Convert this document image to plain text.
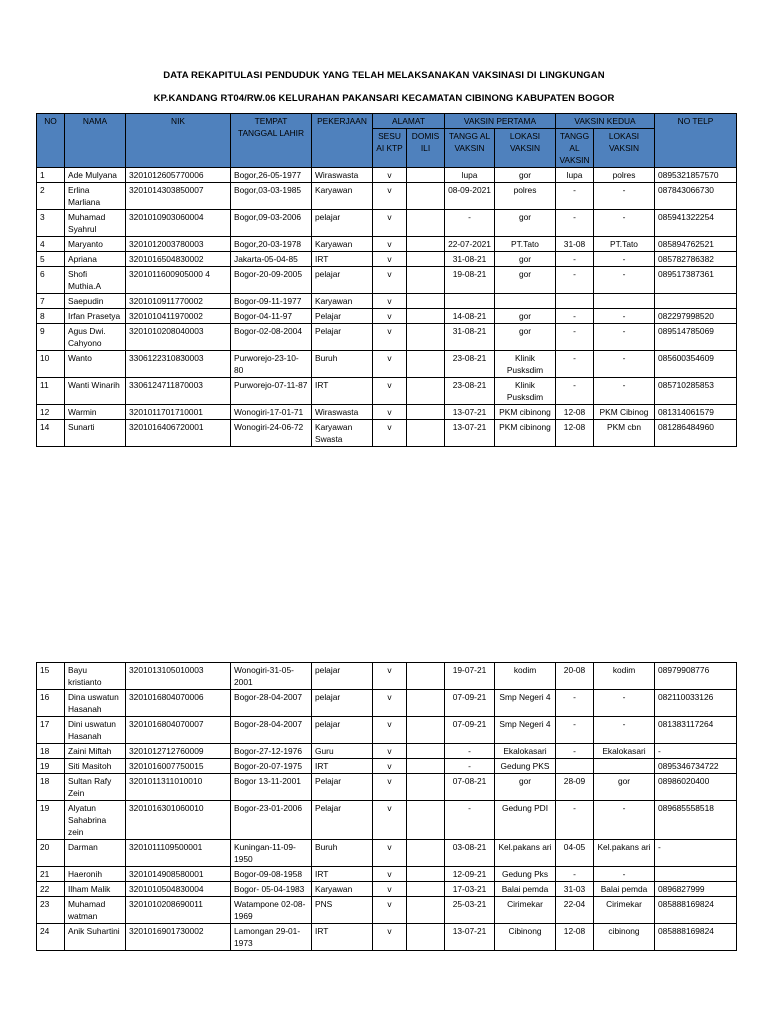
DATA REKAPITULASI PENDUDUK YANG TELAH MELAKSANAKAN VAKSINASI DI LINGKUNGAN
KP.KANDANG RT04/RW.06 KELURAHAN PAKANSARI KECAMATAN CIBINONG KABUPATEN BOGOR
NO	NAMA	NIK	TEMPAT TANGGAL LAHIR	PEKERJAAN	ALAMAT		VAKSIN PERTAMA		VAKSIN KEDUA		NO TELP
					SESU AI KTP	DOMIS ILI	TANGG AL VAKSIN	LOKASI VAKSIN	TANGG AL VAKSIN	LOKASI VAKSIN	
1	Ade Mulyana	3201012605770006	Bogor,26-05-1977	Wiraswasta	v		lupa	gor	lupa	polres	0895321857570
2	Erlina Marliana	3201014303850007	Bogor,03-03-1985	Karyawan	v		08-09-2021	polres	-	-	087843066730
3	Muhamad Syahrul	3201010903060004	Bogor,09-03-2006	pelajar	v		-	gor	-	-	085941322254
4	Maryanto	3201012003780003	Bogor,20-03-1978	Karyawan	v		22-07-2021	PT.Tato	31-08	PT.Tato	085894762521
5	Apriana	3201016504830002	Jakarta-05-04-85	IRT	v		31-08-21	gor	-	-	085782786382
6	Shofi Muthia.A	3201011600905000 4	Bogor-20-09-2005	pelajar	v		19-08-21	gor	-	-	089517387361
7	Saepudin	3201010911770002	Bogor-09-11-1977	Karyawan	v						
8	Irfan Prasetya	3201010411970002	Bogor-04-11-97	Pelajar	v		14-08-21	gor	-	-	082297998520
9	Agus Dwi. Cahyono	3201010208040003	Bogor-02-08-2004	Pelajar	v		31-08-21	gor	-	-	089514785069
10	Wanto	3306122310830003	Purworejo-23-10-80	Buruh	v		23-08-21	Klinik Pusksdim	-	-	085600354609
11	Wanti Winarih	3306124711870003	Purworejo-07-11-87	IRT	v		23-08-21	Klinik Pusksdim	-	-	085710285853
12	Warmin	3201011701710001	Wonogiri-17-01-71	Wiraswasta	v		13-07-21	PKM cibinong	12-08	PKM Cibinog	081314061579
14	Sunarti	3201016406720001	Wonogiri-24-06-72	Karyawan Swasta	v		13-07-21	PKM cibinong	12-08	PKM cbn	081286484960
15	Bayu kristianto	3201013105010003	Wonogiri-31-05-2001	pelajar	v		19-07-21	kodim	20-08	kodim	08979908776
16	Dina uswatun Hasanah	3201016804070006	Bogor-28-04-2007	pelajar	v		07-09-21	Smp Negeri 4	-	-	082110033126
17	Dini uswatun Hasanah	3201016804070007	Bogor-28-04-2007	pelajar	v		07-09-21	Smp Negeri 4	-	-	081383117264
18	Zaini Miftah	3201012712760009	Bogor-27-12-1976	Guru	v		-	Ekalokasari	-	Ekalokasari	-
19	Siti Masitoh	3201016007750015	Bogor-20-07-1975	IRT	v		-	Gedung PKS			0895346734722
18	Sultan Rafy Zein	3201011311010010	Bogor 13-11-2001	Pelajar	v		07-08-21	gor	28-09	gor	08986020400
19	Alyatun Sahabrina zein	3201016301060010	Bogor-23-01-2006	Pelajar	v		-	Gedung PDI	-	-	089685558518
20	Darman	3201011109500001	Kuningan-11-09-1950	Buruh	v		03-08-21	Kel.pakans ari	04-05	Kel.pakans ari	-
21	Haeronih	3201014908580001	Bogor-09-08-1958	IRT	v		12-09-21	Gedung Pks	-	-	
22	Ilham Malik	3201010504830004	Bogor- 05-04-1983	Karyawan	v		17-03-21	Balai pemda	31-03	Balai pemda	0896827999
23	Muhamad watman	3201010208690011	Watampone 02-08-1969	PNS	v		25-03-21	Cirimekar	22-04	Cirimekar	085888169824
24	Anik Suhartini	3201016901730002	Lamongan 29-01-1973	IRT	v		13-07-21	Cibinong	12-08	cibinong	085888169824
